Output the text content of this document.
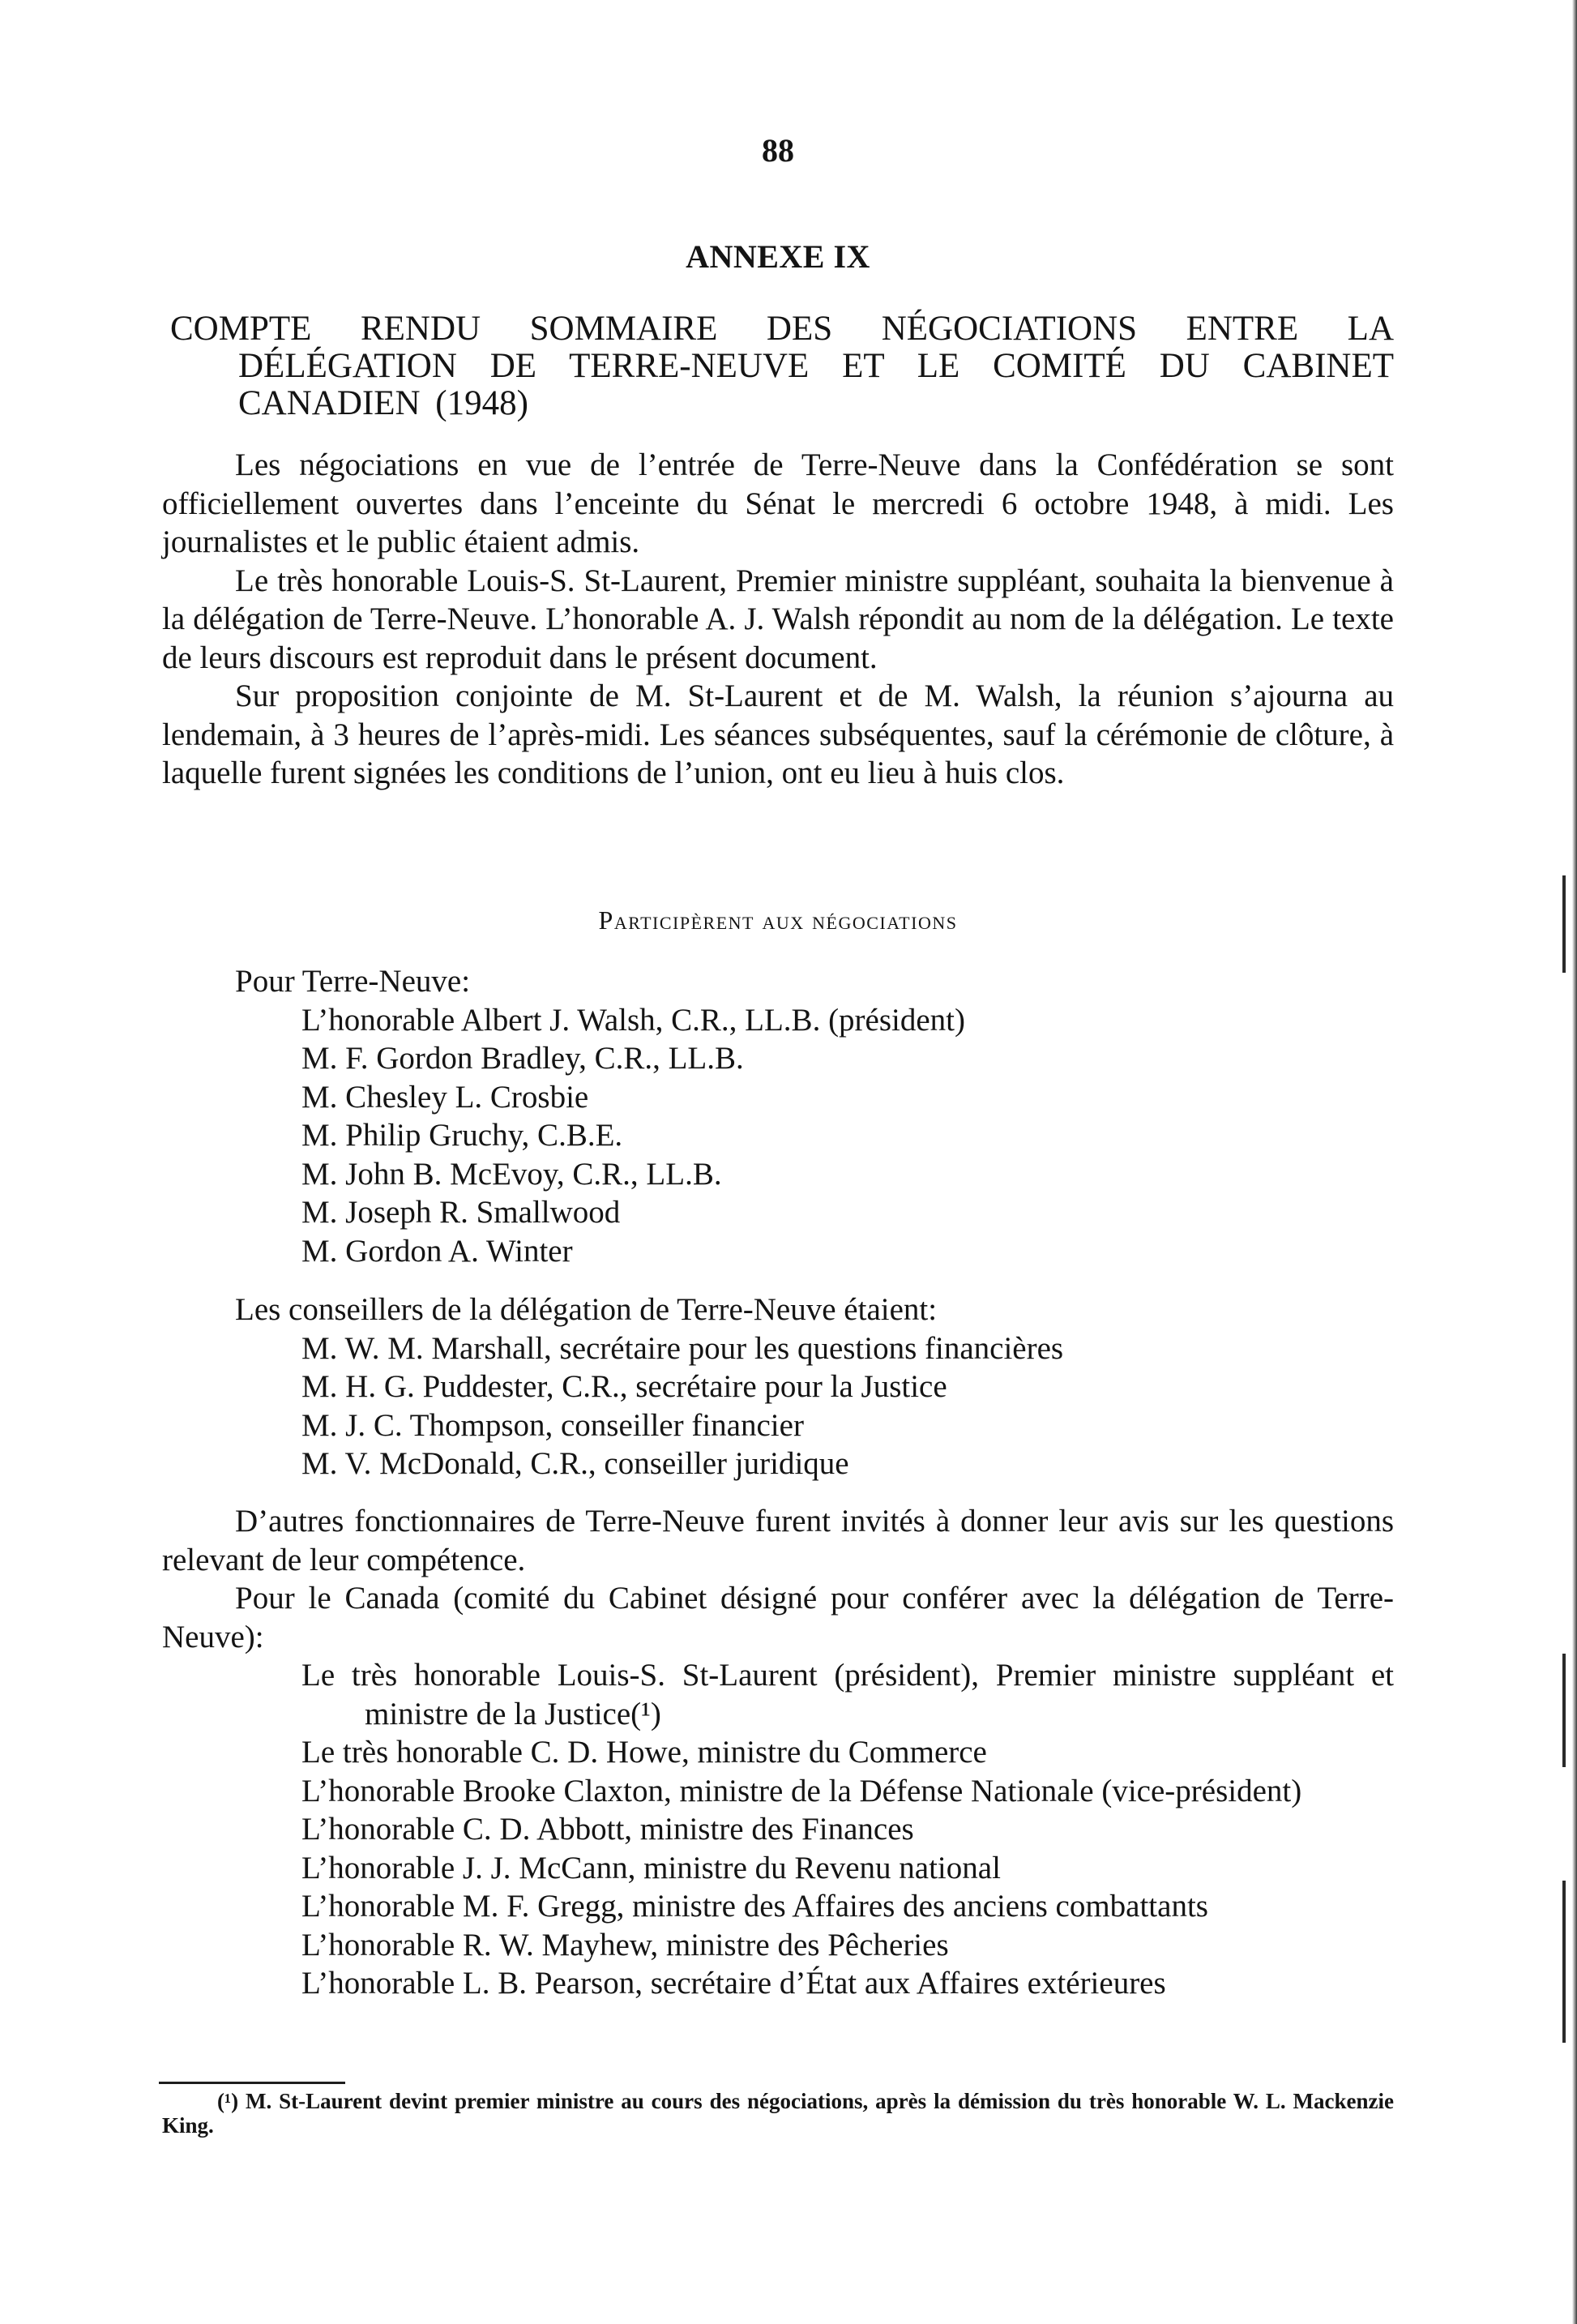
88
ANNEXE IX
COMPTE RENDU SOMMAIRE DES NÉGOCIATIONS ENTRE LA DÉLÉGATION DE TERRE-NEUVE ET LE COMITÉ DU CABINET CANADIEN (1948)

Les négociations en vue de l’entrée de Terre-Neuve dans la Confédération se sont officiellement ouvertes dans l’enceinte du Sénat le mercredi 6 octobre 1948, à midi. Les journalistes et le public étaient admis.

Le très honorable Louis-S. St-Laurent, Premier ministre suppléant, souhaita la bienvenue à la délégation de Terre-Neuve. L’honorable A. J. Walsh répondit au nom de la délégation. Le texte de leurs discours est reproduit dans le présent document.

Sur proposition conjointe de M. St-Laurent et de M. Walsh, la réunion s’ajourna au lendemain, à 3 heures de l’après-midi. Les séances subséquentes, sauf la cérémonie de clôture, à laquelle furent signées les conditions de l’union, ont eu lieu à huis clos.

Participèrent aux négociations
Pour Terre-Neuve:
L’honorable Albert J. Walsh, C.R., LL.B. (président)
M. F. Gordon Bradley, C.R., LL.B.
M. Chesley L. Crosbie
M. Philip Gruchy, C.B.E.
M. John B. McEvoy, C.R., LL.B.
M. Joseph R. Smallwood
M. Gordon A. Winter
Les conseillers de la délégation de Terre-Neuve étaient:
M. W. M. Marshall, secrétaire pour les questions financières
M. H. G. Puddester, C.R., secrétaire pour la Justice
M. J. C. Thompson, conseiller financier
M. V. McDonald, C.R., conseiller juridique

D’autres fonctionnaires de Terre-Neuve furent invités à donner leur avis sur les questions relevant de leur compétence.

Pour le Canada (comité du Cabinet désigné pour conférer avec la délégation de Terre-Neuve):

Le très honorable Louis-S. St-Laurent (président), Premier ministre suppléant et ministre de la Justice(¹)
Le très honorable C. D. Howe, ministre du Commerce
L’honorable Brooke Claxton, ministre de la Défense Nationale (vice-président)
L’honorable C. D. Abbott, ministre des Finances
L’honorable J. J. McCann, ministre du Revenu national
L’honorable M. F. Gregg, ministre des Affaires des anciens combattants
L’honorable R. W. Mayhew, ministre des Pêcheries
L’honorable L. B. Pearson, secrétaire d’État aux Affaires extérieures
(¹) M. St-Laurent devint premier ministre au cours des négociations, après la démission du très honorable W. L. Mackenzie King.
